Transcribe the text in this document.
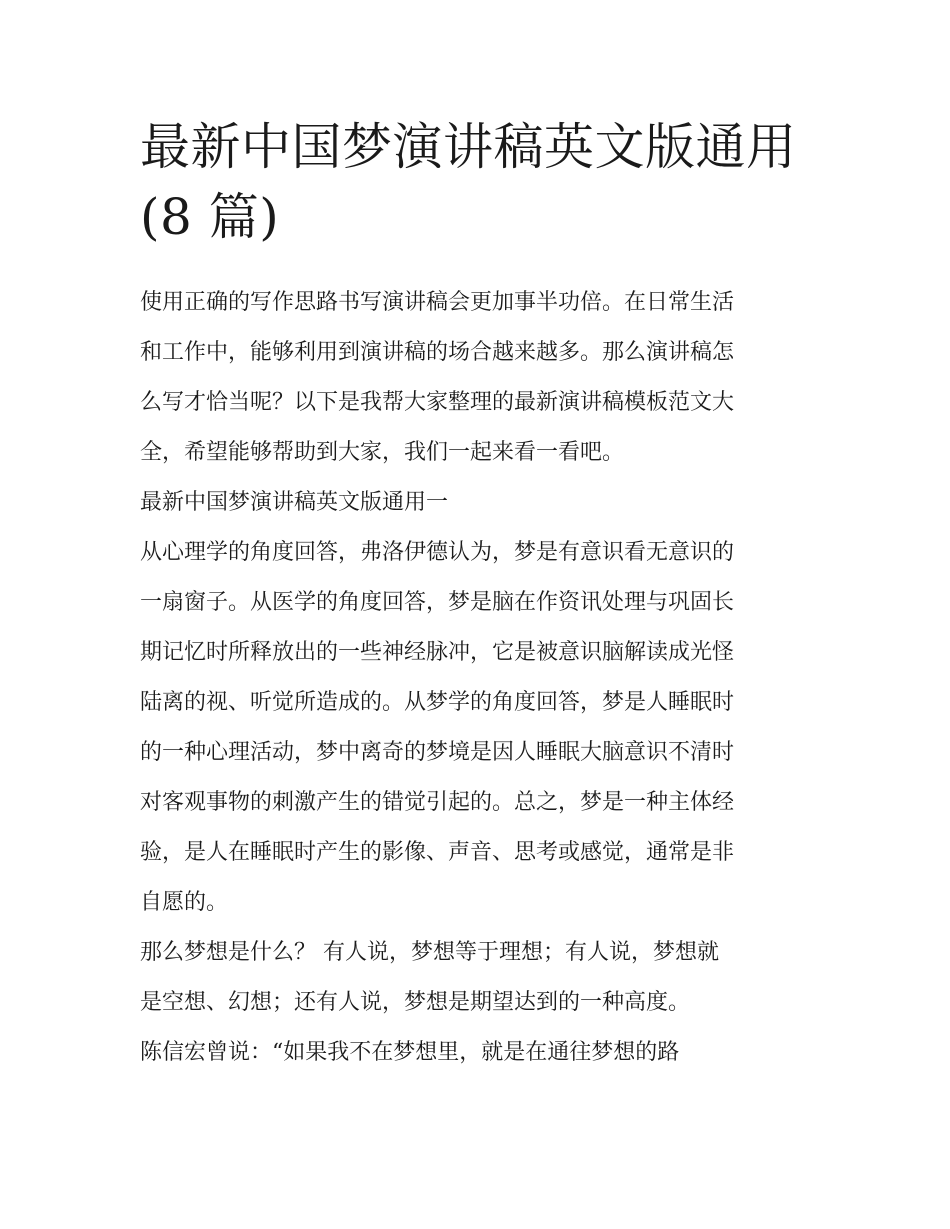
最新中国梦演讲稿英文版通用
(8 篇)

使用正确的写作思路书写演讲稿会更加事半功倍。在日常生活
和工作中，能够利用到演讲稿的场合越来越多。那么演讲稿怎
么写才恰当呢？以下是我帮大家整理的最新演讲稿模板范文大
全，希望能够帮助到大家，我们一起来看一看吧。

最新中国梦演讲稿英文版通用一

从心理学的角度回答，弗洛伊德认为，梦是有意识看无意识的
一扇窗子。从医学的角度回答，梦是脑在作资讯处理与巩固长
期记忆时所释放出的一些神经脉冲，它是被意识脑解读成光怪
陆离的视、听觉所造成的。从梦学的角度回答，梦是人睡眠时
的一种心理活动，梦中离奇的梦境是因人睡眠大脑意识不清时
对客观事物的刺激产生的错觉引起的。总之，梦是一种主体经
验，是人在睡眠时产生的影像、声音、思考或感觉，通常是非
自愿的。

那么梦想是什么？ 有人说，梦想等于理想；有人说，梦想就
是空想、幻想；还有人说，梦想是期望达到的一种高度。

陈信宏曾说：“如果我不在梦想里，就是在通往梦想的路
